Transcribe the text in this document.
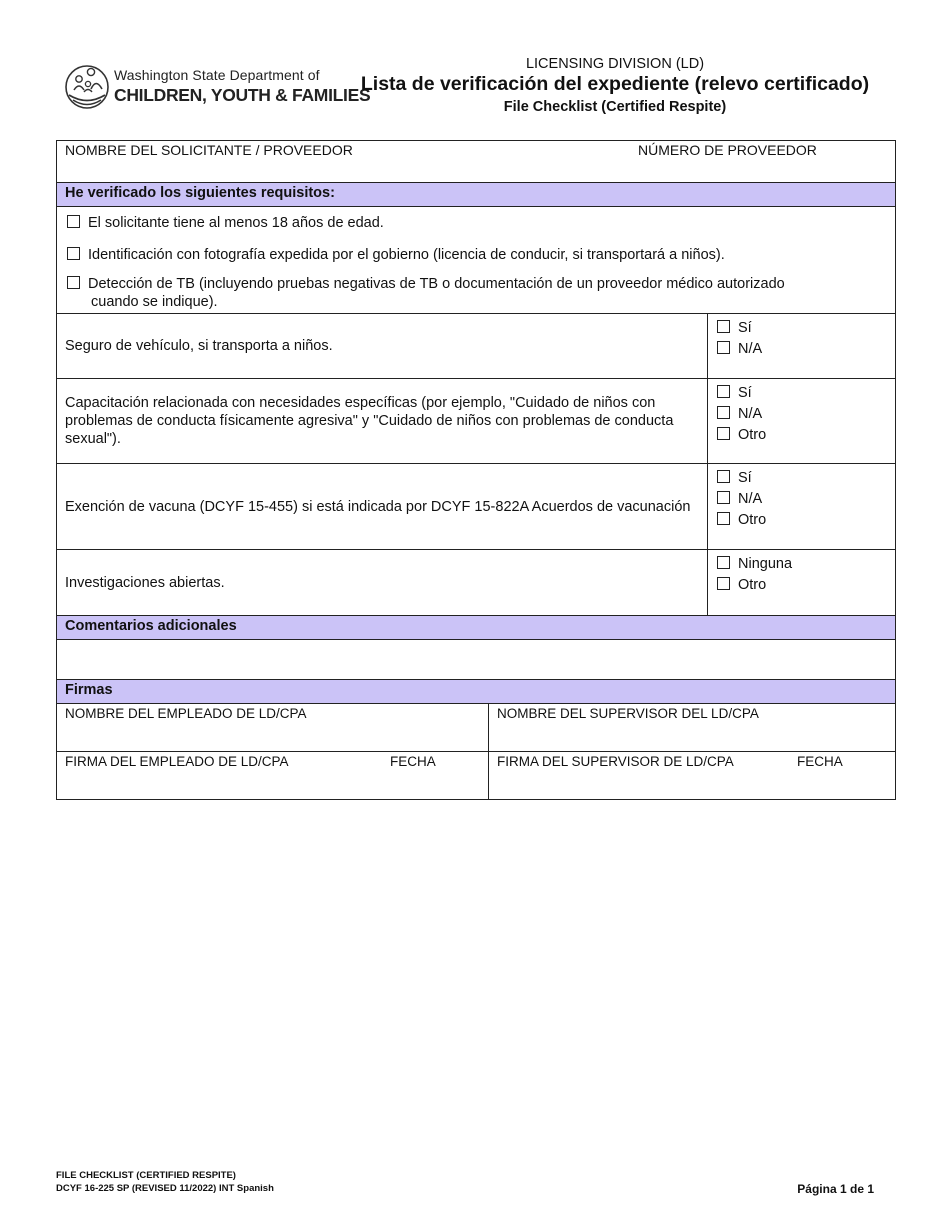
Washington State Department of
CHILDREN, YOUTH & FAMILIES
LICENSING DIVISION (LD)
Lista de verificación del expediente (relevo certificado)
File Checklist (Certified Respite)
NOMBRE DEL SOLICITANTE / PROVEEDOR NÚMERO DE PROVEEDOR		

He verificado los siguientes requisitos:		

El solicitante tiene al menos 18 años de edad.
Identificación con fotografía expedida por el gobierno (licencia de conducir, si transportará a niños).
Detección de TB (incluyendo pruebas negativas de TB o documentación de un proveedor médico autorizado
cuando se indique).		

Seguro de vehículo, si transporta a niños.		Sí
N/A

Capacitación relacionada con necesidades específicas (por ejemplo, "Cuidado de niños con problemas de conducta físicamente agresiva" y "Cuidado de niños con problemas de conducta sexual").		Sí
N/A
Otro

Exención de vacuna (DCYF 15-455) si está indicada por DCYF 15-822A Acuerdos de vacunación		Sí
N/A
Otro

Investigaciones abiertas.		Ninguna
Otro

Comentarios adicionales		

Firmas		
NOMBRE DEL EMPLEADO DE LD/CPA	NOMBRE DEL SUPERVISOR DEL LD/CPA	
FIRMA DEL EMPLEADO DE LD/CPA FECHA	FIRMA DEL SUPERVISOR DE LD/CPA FECHA	
FILE CHECKLIST (CERTIFIED RESPITE)
DCYF 16-225 SP (REVISED 11/2022) INT Spanish	Página 1 de 1
